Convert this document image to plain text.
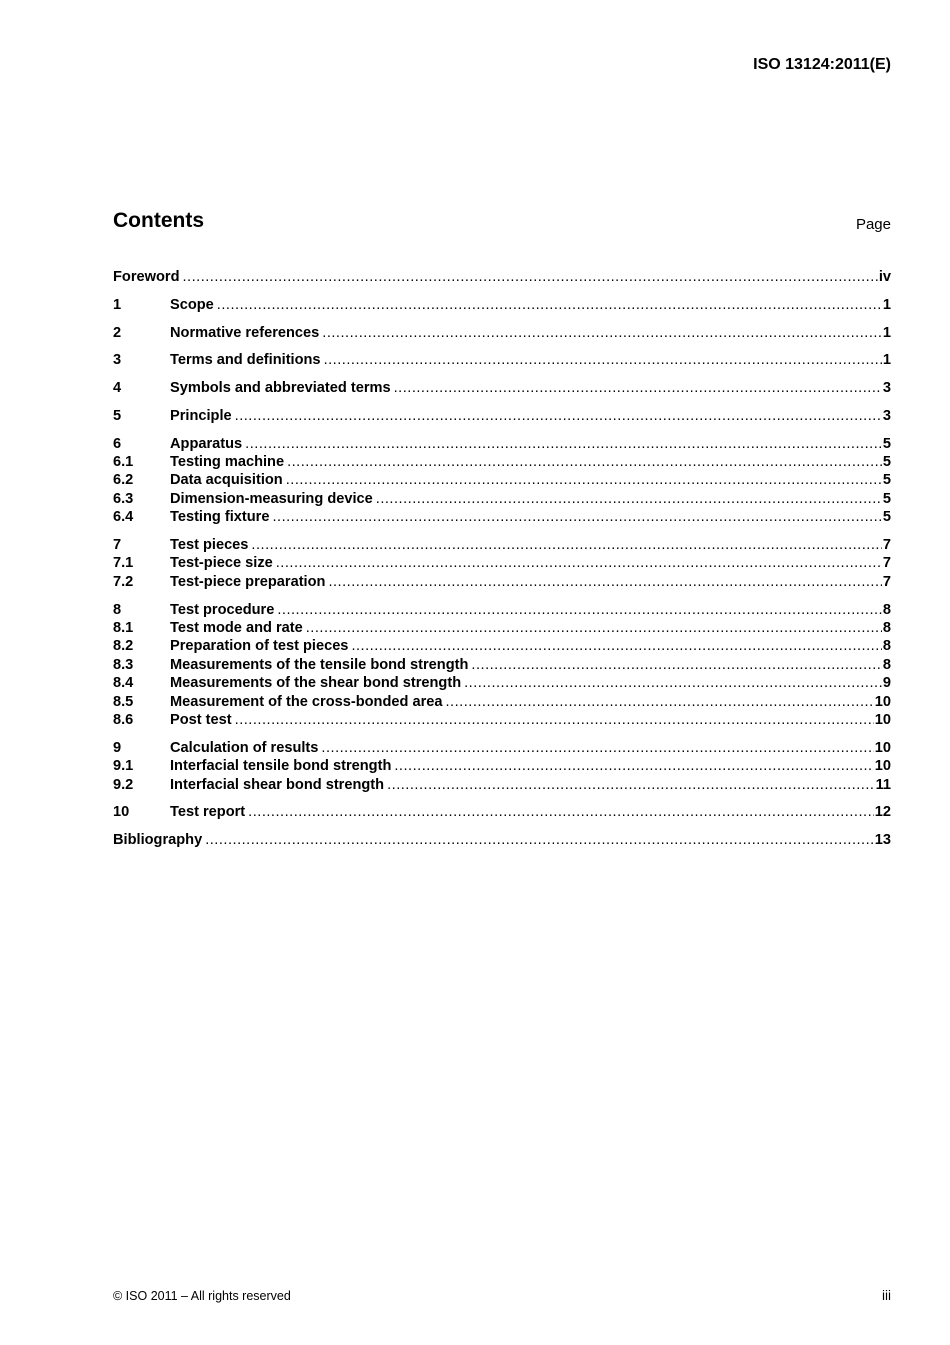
ISO 13124:2011(E)
Contents	Page
Foreword .....	iv
1	Scope .....	1
2	Normative references .....	1
3	Terms and definitions .....	1
4	Symbols and abbreviated terms .....	3
5	Principle .....	3
6	Apparatus .....	5
6.1	Testing machine .....	5
6.2	Data acquisition .....	5
6.3	Dimension-measuring device .....	5
6.4	Testing fixture .....	5
7	Test pieces .....	7
7.1	Test-piece size .....	7
7.2	Test-piece preparation .....	7
8	Test procedure .....	8
8.1	Test mode and rate .....	8
8.2	Preparation of test pieces .....	8
8.3	Measurements of the tensile bond strength .....	8
8.4	Measurements of the shear bond strength .....	9
8.5	Measurement of the cross-bonded area .....	10
8.6	Post test .....	10
9	Calculation of results .....	10
9.1	Interfacial tensile bond strength .....	10
9.2	Interfacial shear bond strength .....	11
10	Test report .....	12
Bibliography .....	13
© ISO 2011 – All rights reserved	iii
